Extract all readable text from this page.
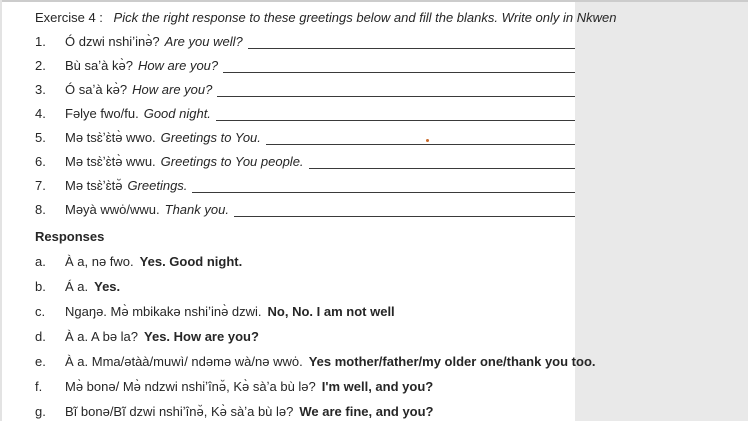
Exercise 4 : Pick the right response to these greetings below and fill the blanks. Write only in Nkwen
1.	Ó dzwi nshiʼinə̀? Are you well?
2.	Bù saʼà kə̀? How are you?
3.	Ó saʼà kə̀? How are you?
4.	Fəlye fwo/fu. Good night.
5.	Mə tsɛ̀ʼɛ̀tə̀ wwo. Greetings to You.
6.	Mə tsɛ̀ʼɛ̀tə̀ wwu. Greetings to You people.
7.	Mə tsɛ̀ʼɛ̀tə̆ Greetings.
8.	Məyà wwȯ/wwu. Thank you.
Responses
a.	À a, nə fwo. Yes. Good night.
b.	Á a. Yes.
c.	Ngaŋə. Mə̀ mbikakə nshiʼinə̀ dzwi. No, No. I am not well
d.	À a. A bə la? Yes. How are you?
e.	À a. Mma/ətàà/muwì/ ndəmə wà/nə wwȯ. Yes mother/father/my older one/thank you too.
f.	Mə̀ bonə/ Mə̀ ndzwi nshiʼînə̆, Kə̀ sàʼa bù lə? I'm well, and you?
g.	Bĩ bonə/Bĩ dzwi nshiʼînə̆, Kə̀ sàʼa bù lə? We are fine, and you?
